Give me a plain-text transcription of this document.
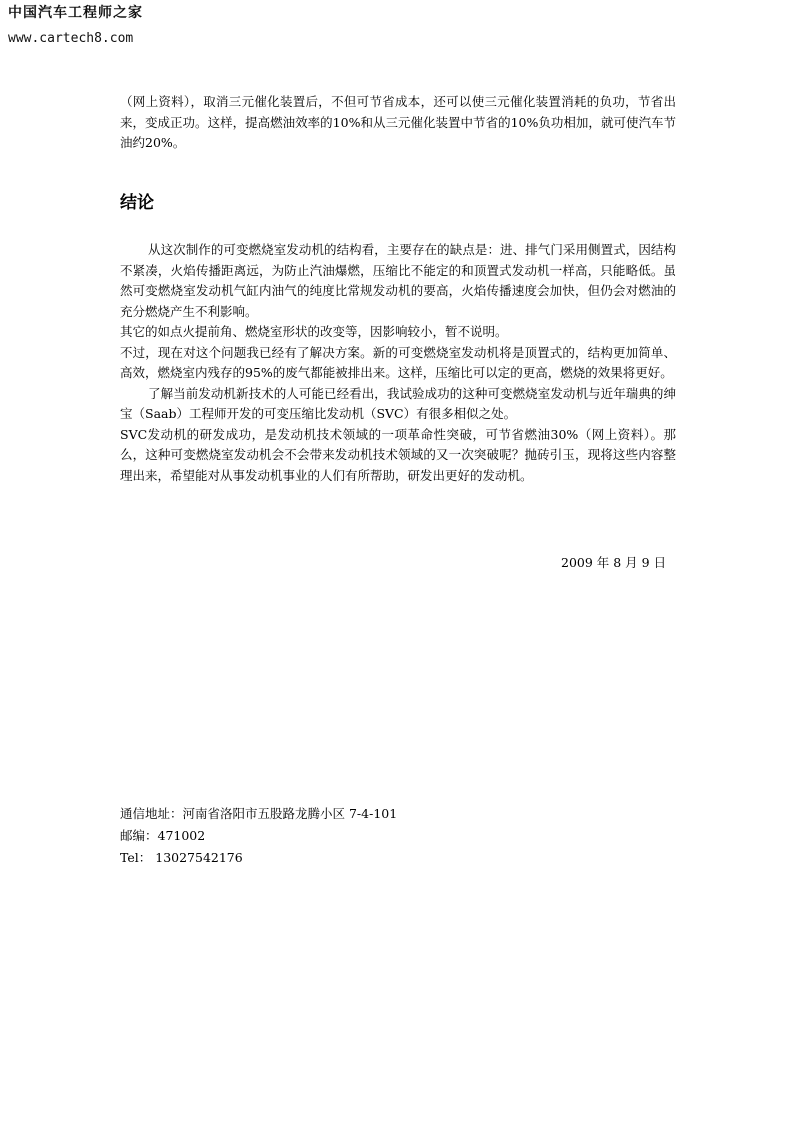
中国汽车工程师之家
www.cartech8.com

（网上资料），取消三元催化装置后，不但可节省成本，还可以使三元催化装置消耗的负功，节省出来，变成正功。这样，提高燃油效率的10%和从三元催化装置中节省的10%负功相加，就可使汽车节油约20%。

结论

从这次制作的可变燃烧室发动机的结构看，主要存在的缺点是：进、排气门采用侧置式，因结构不紧凑，火焰传播距离远，为防止汽油爆燃，压缩比不能定的和顶置式发动机一样高，只能略低。虽然可变燃烧室发动机气缸内油气的纯度比常规发动机的要高，火焰传播速度会加快，但仍会对燃油的充分燃烧产生不利影响。

其它的如点火提前角、燃烧室形状的改变等，因影响较小，暂不说明。

不过，现在对这个问题我已经有了解决方案。新的可变燃烧室发动机将是顶置式的，结构更加简单、高效，燃烧室内残存的95%的废气都能被排出来。这样，压缩比可以定的更高，燃烧的效果将更好。

了解当前发动机新技术的人可能已经看出，我试验成功的这种可变燃烧室发动机与近年瑞典的绅宝（Saab）工程师开发的可变压缩比发动机（SVC）有很多相似之处。

SVC发动机的研发成功，是发动机技术领域的一项革命性突破，可节省燃油30%（网上资料）。那么，这种可变燃烧室发动机会不会带来发动机技术领域的又一次突破呢？抛砖引玉，现将这些内容整理出来，希望能对从事发动机事业的人们有所帮助，研发出更好的发动机。

2009 年 8 月 9 日
通信地址：河南省洛阳市五股路龙腾小区 7-4-101
邮编：471002
Tel： 13027542176
